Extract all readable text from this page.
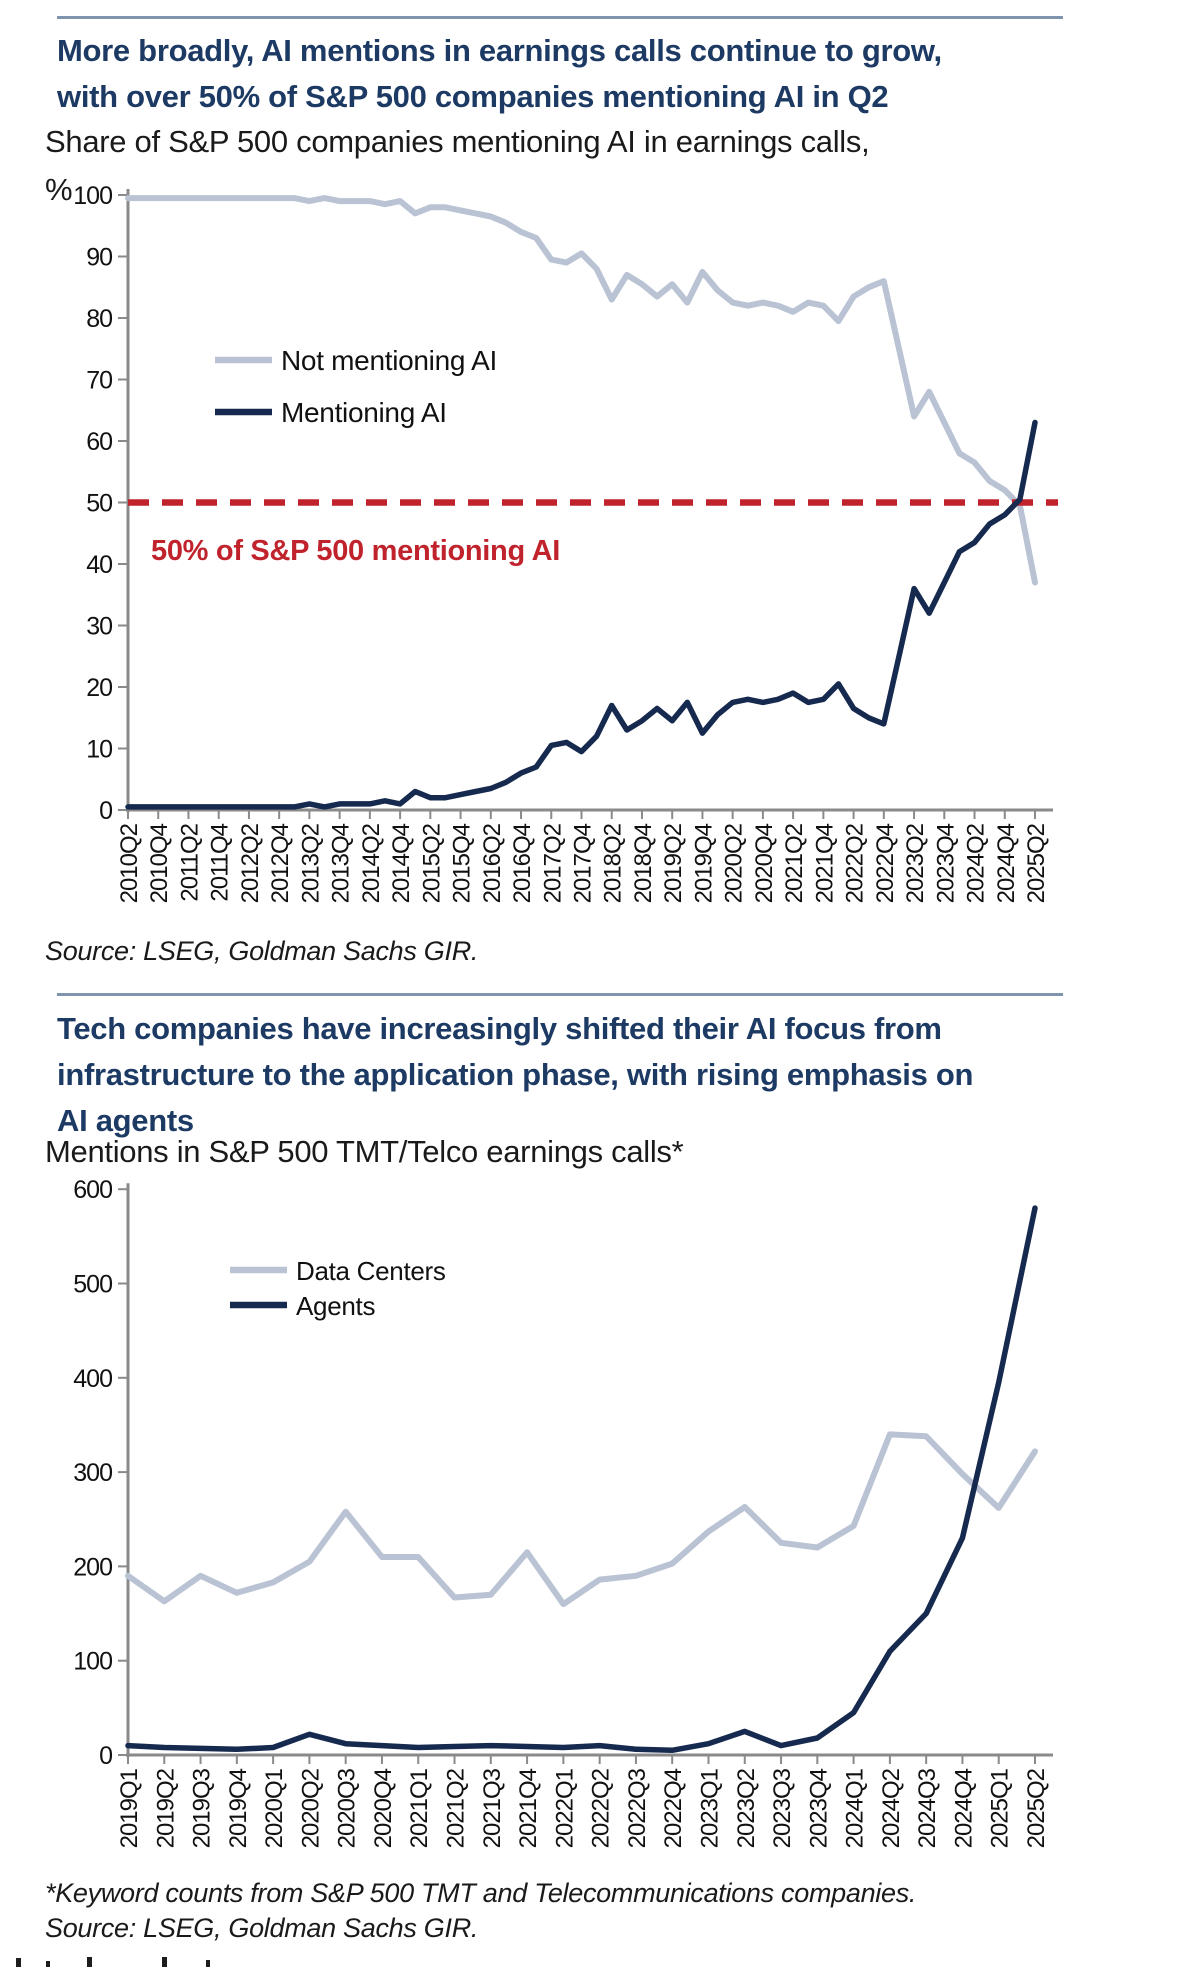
More broadly, AI mentions in earnings calls continue to grow,
with over 50% of S&P 500 companies mentioning AI in Q2
Share of S&P 500 companies mentioning AI in earnings calls,
%
0
10
20
30
40
50
60
70
80
90
100
2010Q2 2010Q4 2011Q2 2011Q4 2012Q2 2012Q4 2013Q2 2013Q4 2014Q2 2014Q4 2015Q2 2015Q4 2016Q2 2016Q4 2017Q2 2017Q4 2018Q2 2018Q4 2019Q2 2019Q4 2020Q2 2020Q4 2021Q2 2021Q4 2022Q2 2022Q4 2023Q2 2023Q4 2024Q2 2024Q4 2025Q2
50% of S&P 500 mentioning AI
Not mentioning AI
Mentioning AI
0
100
200
300
400
500
600
2019Q1 2019Q2 2019Q3 2019Q4 2020Q1 2020Q2 2020Q3 2020Q4 2021Q1 2021Q2 2021Q3 2021Q4 2022Q1 2022Q2 2022Q3 2022Q4 2023Q1 2023Q2 2023Q3 2023Q4 2024Q1 2024Q2 2024Q3 2024Q4 2025Q1 2025Q2
Data Centers
Agents
Source: LSEG, Goldman Sachs GIR.
Tech companies have increasingly shifted their AI focus from
infrastructure to the application phase, with rising emphasis on
AI agents
Mentions in S&P 500 TMT/Telco earnings calls*
*Keyword counts from S&P 500 TMT and Telecommunications companies.
Source: LSEG, Goldman Sachs GIR.
